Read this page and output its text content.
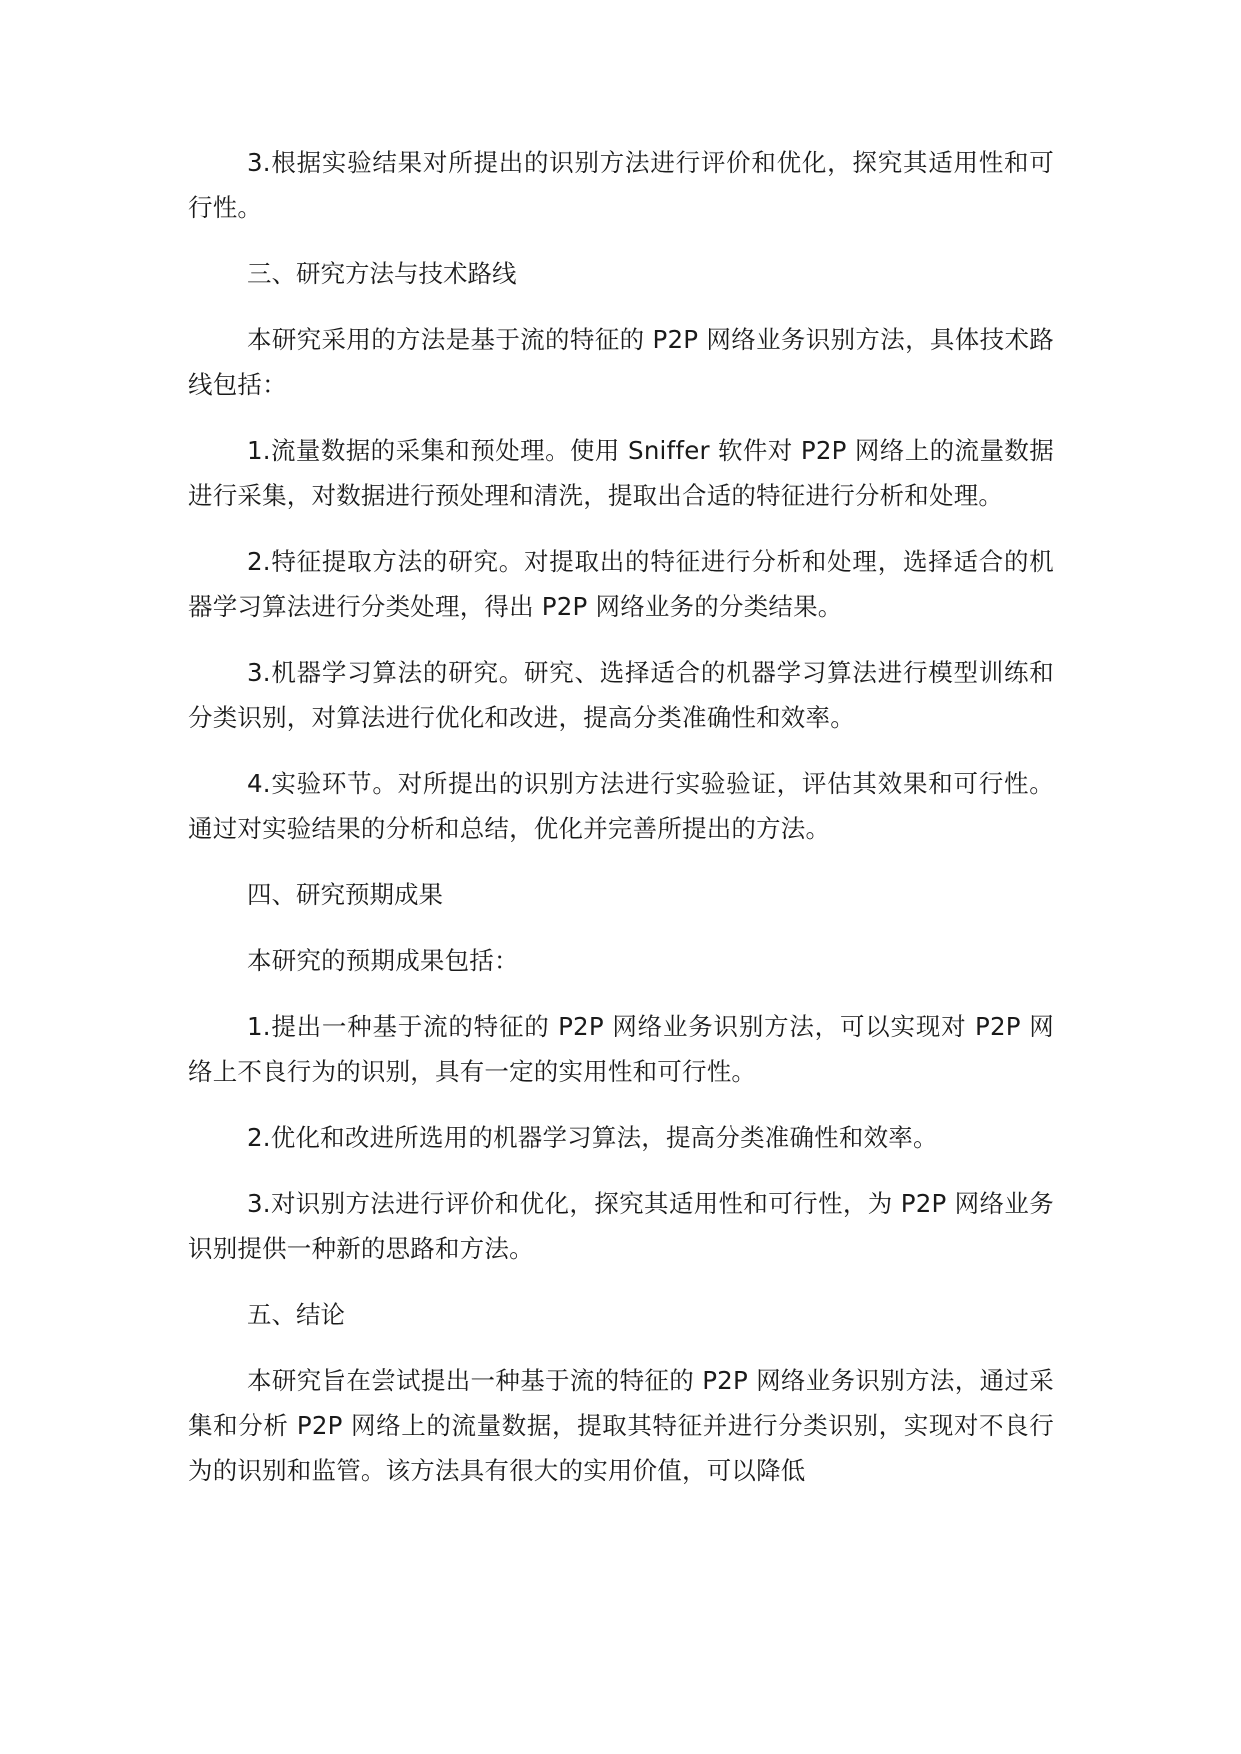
3.根据实验结果对所提出的识别方法进行评价和优化，探究其适用性和可行性。

三、研究方法与技术路线

本研究采用的方法是基于流的特征的 P2P 网络业务识别方法，具体技术路线包括：

1.流量数据的采集和预处理。使用 Sniffer 软件对 P2P 网络上的流量数据进行采集，对数据进行预处理和清洗，提取出合适的特征进行分析和处理。

2.特征提取方法的研究。对提取出的特征进行分析和处理，选择适合的机器学习算法进行分类处理，得出 P2P 网络业务的分类结果。

3.机器学习算法的研究。研究、选择适合的机器学习算法进行模型训练和分类识别，对算法进行优化和改进，提高分类准确性和效率。

4.实验环节。对所提出的识别方法进行实验验证，评估其效果和可行性。通过对实验结果的分析和总结，优化并完善所提出的方法。

四、研究预期成果

本研究的预期成果包括：

1.提出一种基于流的特征的 P2P 网络业务识别方法，可以实现对 P2P 网络上不良行为的识别，具有一定的实用性和可行性。

2.优化和改进所选用的机器学习算法，提高分类准确性和效率。

3.对识别方法进行评价和优化，探究其适用性和可行性，为 P2P 网络业务识别提供一种新的思路和方法。

五、结论

本研究旨在尝试提出一种基于流的特征的 P2P 网络业务识别方法，通过采集和分析 P2P 网络上的流量数据，提取其特征并进行分类识别，实现对不良行为的识别和监管。该方法具有很大的实用价值，可以降低
